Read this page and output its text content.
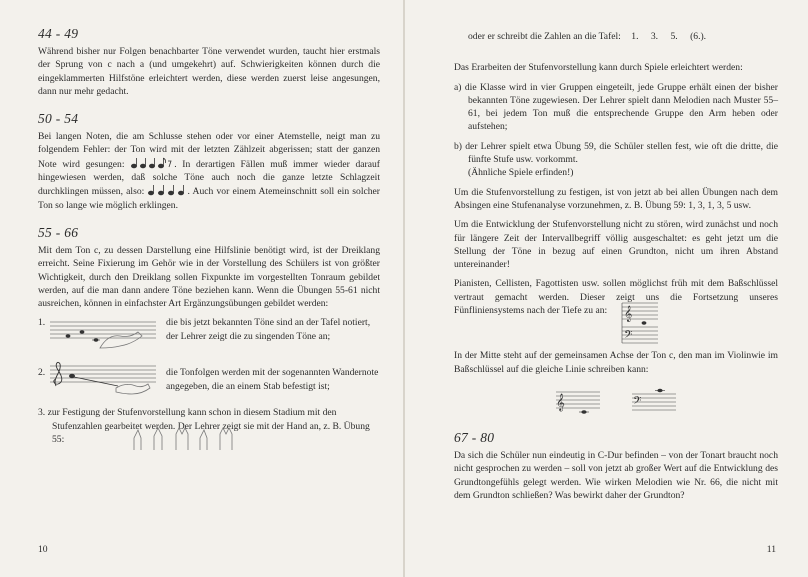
44 - 49

Während bisher nur Folgen benachbarter Töne verwendet wurden, taucht hier erstmals der Sprung von c nach a (und umgekehrt) auf. Schwierigkeiten können durch die eingeklammerten Hilfstöne erleichtert werden, diese werden zuerst leise angesungen, dann nur mehr gedacht.

50 - 54

Bei langen Noten, die am Schlusse stehen oder vor einer Atemstelle, neigt man zu folgendem Fehler: der Ton wird mit der letzten Zählzeit abgerissen; statt der ganzen Note wird gesungen:	. In derartigen Fällen muß immer wieder darauf hingewiesen werden, daß solche Töne auch noch die ganze letzte Schlagzeit durchklingen müssen, also:	. Auch vor einem Atemeinschnitt soll ein solcher Ton so lange wie möglich erklingen.

55 - 66

Mit dem Ton c, zu dessen Darstellung eine Hilfslinie benötigt wird, ist der Dreiklang erreicht. Seine Fixierung im Gehör wie in der Vorstellung des Schülers ist von größter Wichtigkeit, durch den Dreiklang sollen Fixpunkte im vorgestellten Tonraum gebildet werden, auf die man dann andere Töne beziehen kann. Wenn die Übungen 55-61 nicht ausreichen, können in einfachster Art Ergänzungsübungen gebildet werden:

1.	die bis jetzt bekannten Töne sind an der Tafel notiert, der Lehrer zeigt die zu singenden Töne an;
2.	die Tonfolgen werden mit der sogenannten Wandernote angegeben, die an einem Stab befestigt ist;
3. zur Festigung der Stufenvorstellung kann schon in diesem Stadium mit den Stufenzahlen gearbeitet werden. Der Lehrer zeigt sie mit der Hand an, z. B. Übung 55:
10

oder er schreibt die Zahlen an die Tafel: 1. 3. 5. (6.).

Das Erarbeiten der Stufenvorstellung kann durch Spiele erleichtert werden:

a) die Klasse wird in vier Gruppen eingeteilt, jede Gruppe erhält einen der bisher bekannten Töne zugewiesen. Der Lehrer spielt dann Melodien nach Muster 55–61, bei jedem Ton muß die entsprechende Gruppe den Arm heben oder aufstehen;

b) der Lehrer spielt etwa Übung 59, die Schüler stellen fest, wie oft die dritte, die fünfte Stufe usw. vorkommt.

(Ähnliche Spiele erfinden!)

Um die Stufenvorstellung zu festigen, ist von jetzt ab bei allen Übungen nach dem Absingen eine Stufenanalyse vorzunehmen, z. B. Übung 59: 1, 3, 1, 3, 5 usw.

Um die Entwicklung der Stufenvorstellung nicht zu stören, wird zunächst und noch für längere Zeit der Intervallbegriff völlig ausgeschaltet: es geht jetzt um die Stellung der Töne in bezug auf einen Grundton, nicht um ihren Abstand untereinander!

Pianisten, Cellisten, Fagottisten usw. sollen möglichst früh mit dem Baßschlüssel vertraut gemacht werden. Dieser zeigt uns die Fortsetzung unseres Fünfliniensystems nach der Tiefe zu an:	𝄞
𝄢

In der Mitte steht auf der gemeinsamen Achse der Ton c, den man im Violinwie im Baßschlüssel auf die gleiche Linie schreiben kann:

𝄞	𝄢
67 - 80

Da sich die Schüler nun eindeutig in C-Dur befinden – von der Tonart braucht noch nicht gesprochen zu werden – soll von jetzt ab großer Wert auf die Entwicklung des Grundtongefühls gelegt werden. Wie wirken Melodien wie Nr. 66, die nicht mit dem Grundton schließen? Was bewirkt daher der Grundton?

11
